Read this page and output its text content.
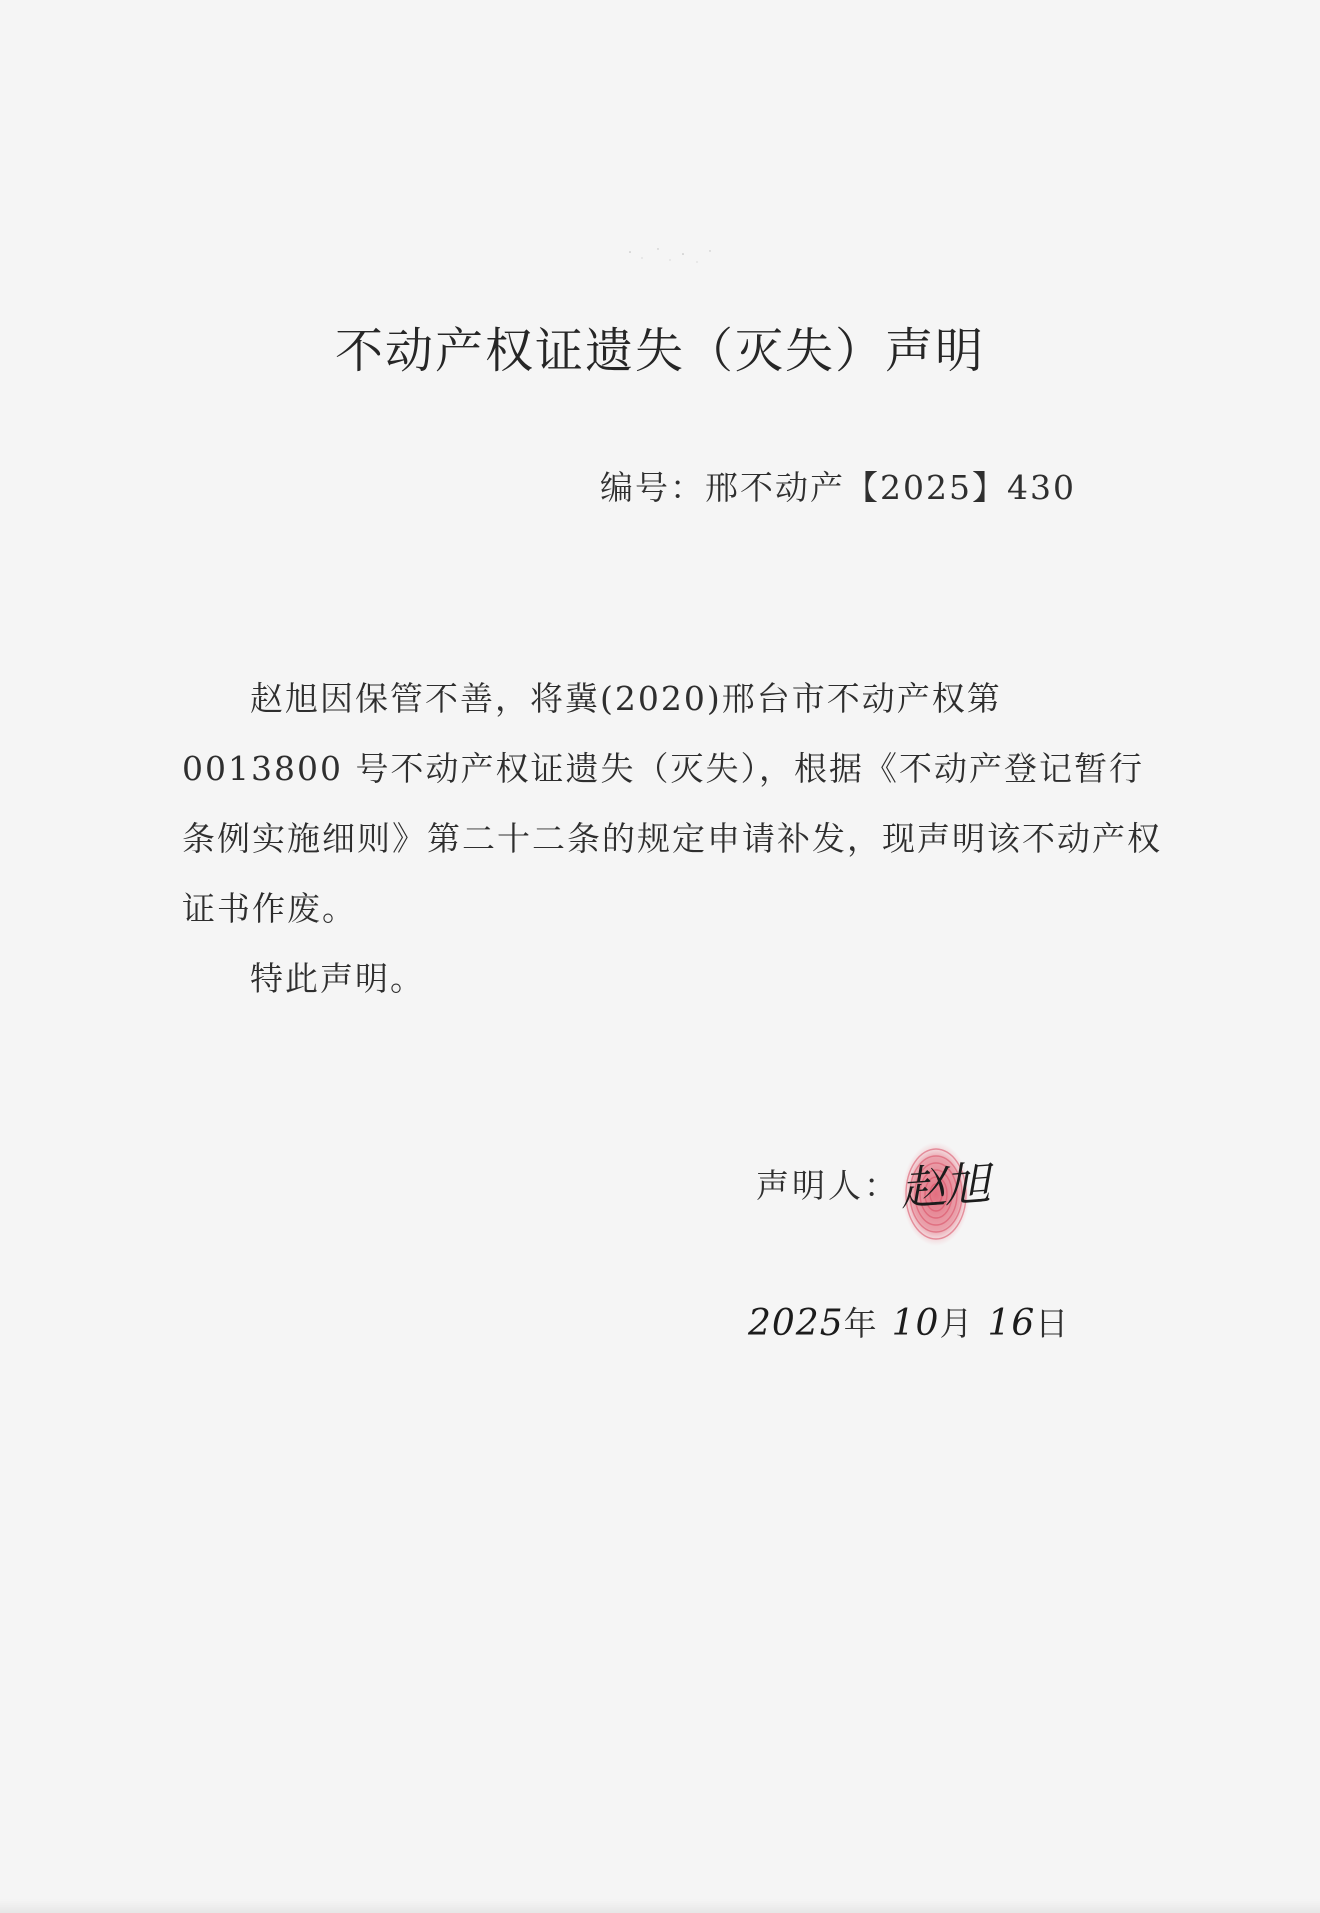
不动产权证遗失（灭失）声明
编号：邢不动产【2025】430

赵旭因保管不善，将冀(2020)邢台市不动产权第 0013800 号不动产权证遗失（灭失），根据《不动产登记暂行条例实施细则》第二十二条的规定申请补发，现声明该不动产权证书作废。

特此声明。

声明人：
赵旭
2025年 10月 16日
